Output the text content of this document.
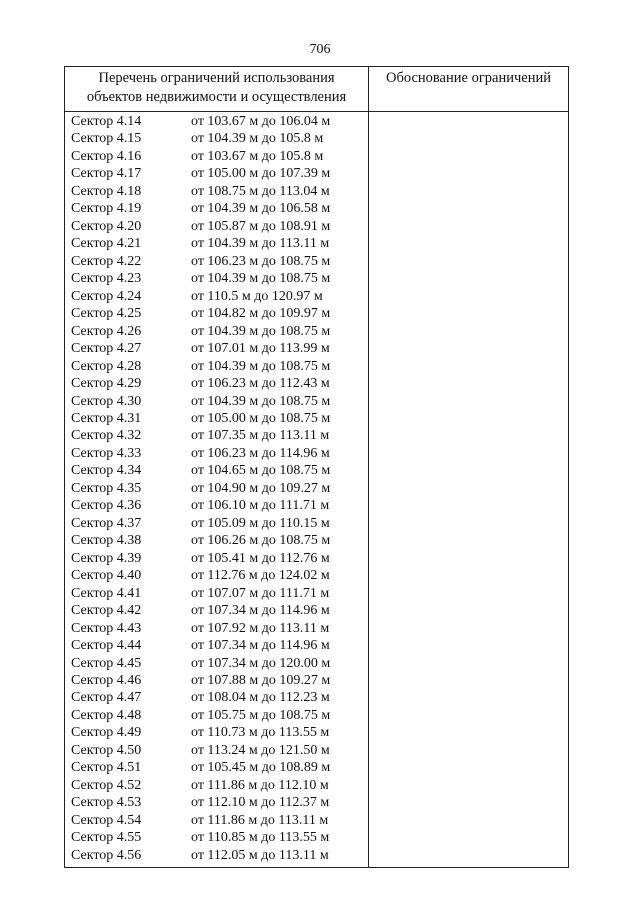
706
Перечень ограничений использования
объектов недвижимости и осуществления
Обоснование ограничений
Сектор 4.14	от 103.67 м до 106.04 м
Сектор 4.15	от 104.39 м до 105.8 м
Сектор 4.16	от 103.67 м до 105.8 м
Сектор 4.17	от 105.00 м до 107.39 м
Сектор 4.18	от 108.75 м до 113.04 м
Сектор 4.19	от 104.39 м до 106.58 м
Сектор 4.20	от 105.87 м до 108.91 м
Сектор 4.21	от 104.39 м до 113.11 м
Сектор 4.22	от 106.23 м до 108.75 м
Сектор 4.23	от 104.39 м до 108.75 м
Сектор 4.24	от 110.5 м до 120.97 м
Сектор 4.25	от 104.82 м до 109.97 м
Сектор 4.26	от 104.39 м до 108.75 м
Сектор 4.27	от 107.01 м до 113.99 м
Сектор 4.28	от 104.39 м до 108.75 м
Сектор 4.29	от 106.23 м до 112.43 м
Сектор 4.30	от 104.39 м до 108.75 м
Сектор 4.31	от 105.00 м до 108.75 м
Сектор 4.32	от 107.35 м до 113.11 м
Сектор 4.33	от 106.23 м до 114.96 м
Сектор 4.34	от 104.65 м до 108.75 м
Сектор 4.35	от 104.90 м до 109.27 м
Сектор 4.36	от 106.10 м до 111.71 м
Сектор 4.37	от 105.09 м до 110.15 м
Сектор 4.38	от 106.26 м до 108.75 м
Сектор 4.39	от 105.41 м до 112.76 м
Сектор 4.40	от 112.76 м до 124.02 м
Сектор 4.41	от 107.07 м до 111.71 м
Сектор 4.42	от 107.34 м до 114.96 м
Сектор 4.43	от 107.92 м до 113.11 м
Сектор 4.44	от 107.34 м до 114.96 м
Сектор 4.45	от 107.34 м до 120.00 м
Сектор 4.46	от 107.88 м до 109.27 м
Сектор 4.47	от 108.04 м до 112.23 м
Сектор 4.48	от 105.75 м до 108.75 м
Сектор 4.49	от 110.73 м до 113.55 м
Сектор 4.50	от 113.24 м до 121.50 м
Сектор 4.51	от 105.45 м до 108.89 м
Сектор 4.52	от 111.86 м до 112.10 м
Сектор 4.53	от 112.10 м до 112.37 м
Сектор 4.54	от 111.86 м до 113.11 м
Сектор 4.55	от 110.85 м до 113.55 м
Сектор 4.56	от 112.05 м до 113.11 м
